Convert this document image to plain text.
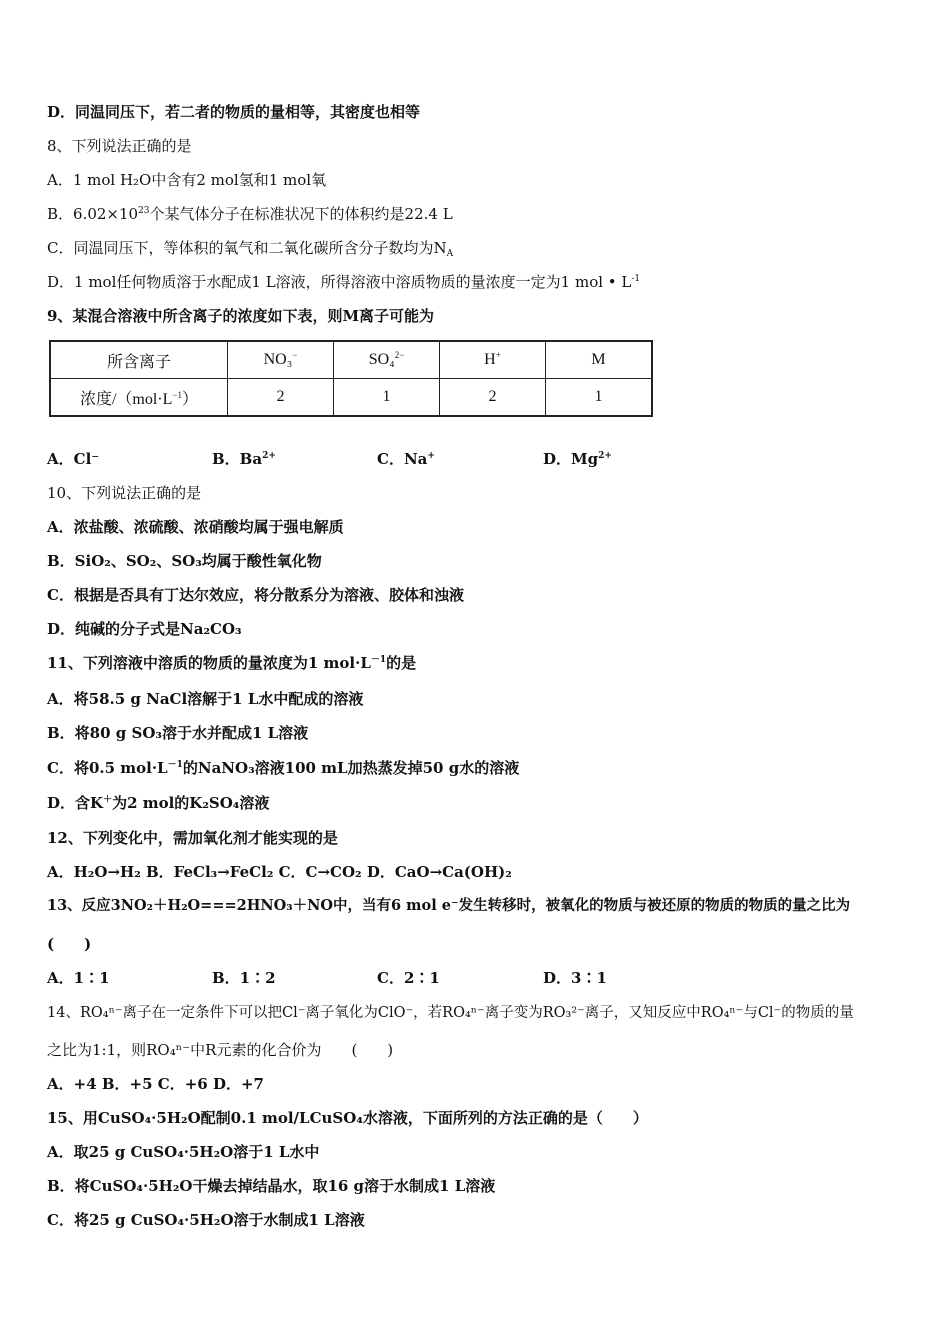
D．同温同压下，若二者的物质的量相等，其密度也相等
8、下列说法正确的是
A．1 mol H₂O中含有2 mol氢和1 mol氧
B．$6.02\times 10^{23}$个某气体分子在标准状况下的体积约是22.4 L
C．同温同压下，等体积的氧气和二氧化碳所含分子数均为$N_A$
D．1 mol任何物质溶于水配成1 L溶液，所得溶液中溶质物质的量浓度一定为1 mol • $L^{-1}$
9、某混合溶液中所含离子的浓度如下表，则M离子可能为
所含离子	NO₃−	SO₄$^{2-}$	H+	M
浓度$/(mol\cdot L^{-1})$	2	1	2	1
A．Cl⁻	B．$Ba^{2+}$	C．Na+	D．$Mg^{2+}$
10、下列说法正确的是
A．浓盐酸、浓硫酸、浓硝酸均属于强电解质
B．SiO₂、SO₂、SO₃均属于酸性氧化物
C．根据是否具有丁达尔效应，将分散系分为溶液、胶体和浊液
D．纯碱的分子式是Na₂CO₃
11、下列溶液中溶质的物质的量浓度为1 $mol\cdot L^{-1}$的是
A．将58.5 g NaCl溶解于1 L水中配成的溶液
B．将80 g SO₃溶于水并配成1 L溶液
C．将0.5 $mol\cdot L^{-1}$的NaNO₃溶液100 mL加热蒸发掉50 g水的溶液
D．含K＋为2 mol的K₂SO₄溶液
12、下列变化中，需加氧化剂才能实现的是
A．H₂O→H₂ B．FeCl₃→FeCl₂ C．C→CO₂ D．CaO→Ca(OH)₂
13、反应3NO₂＋H₂O===2HNO₃＋NO中，当有6 mol e⁻发生转移时，被氧化的物质与被还原的物质的物质的量之比为
(　　)
A．1∶1	B．1∶2	C．2∶1	D．3∶1
14、RO₄ⁿ⁻离子在一定条件下可以把Cl⁻离子氧化为ClO⁻，若RO₄ⁿ⁻离子变为RO₃²⁻离子，又知反应中RO₄ⁿ⁻与Cl⁻的物质的量
之比为1:1，则RO₄ⁿ⁻中R元素的化合价为　　(　　)
A．+4 B．+5 C．+6 D．+7
15、用CuSO₄·5H₂O配制0.1 mol/LCuSO₄水溶液，下面所列的方法正确的是（　　）
A．取25 g CuSO₄·5H₂O溶于1 L水中
B．将CuSO₄·5H₂O干燥去掉结晶水，取16 g溶于水制成1 L溶液
C．将25 g CuSO₄·5H₂O溶于水制成1 L溶液
